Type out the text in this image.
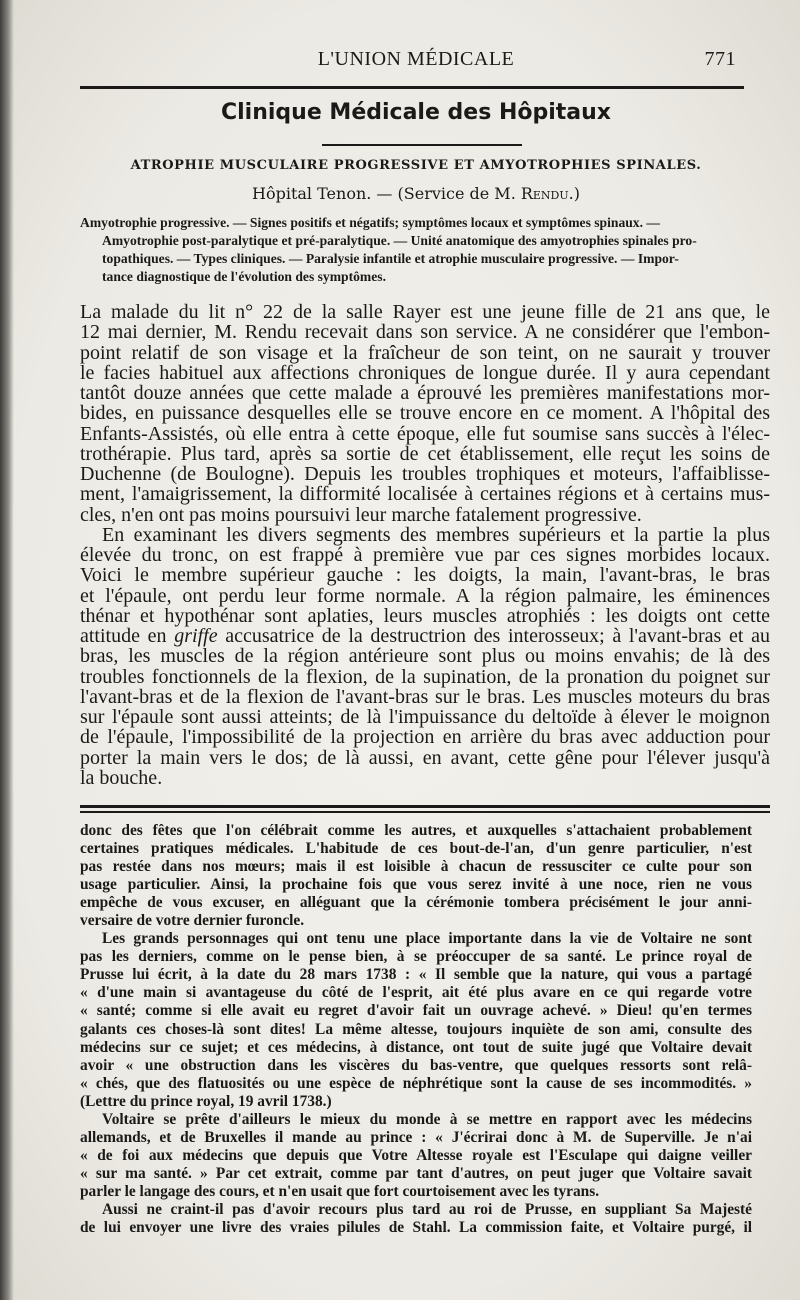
L'UNION MÉDICALE	771
Clinique Médicale des Hôpitaux
ATROPHIE MUSCULAIRE PROGRESSIVE ET AMYOTROPHIES SPINALES.
Hôpital Tenon. — (Service de M. Rendu.)
Amyotrophie progressive. — Signes positifs et négatifs; symptômes locaux et symptômes spinaux. —
Amyotrophie post-paralytique et pré-paralytique. — Unité anatomique des amyotrophies spinales pro-
topathiques. — Types cliniques. — Paralysie infantile et atrophie musculaire progressive. — Impor-
tance diagnostique de l'évolution des symptômes.
La malade du lit n° 22 de la salle Rayer est une jeune fille de 21 ans que, le
12 mai dernier, M. Rendu recevait dans son service. A ne considérer que l'embon-
point relatif de son visage et la fraîcheur de son teint, on ne saurait y trouver
le facies habituel aux affections chroniques de longue durée. Il y aura cependant
tantôt douze années que cette malade a éprouvé les premières manifestations mor-
bides, en puissance desquelles elle se trouve encore en ce moment. A l'hôpital des
Enfants-Assistés, où elle entra à cette époque, elle fut soumise sans succès à l'élec-
trothérapie. Plus tard, après sa sortie de cet établissement, elle reçut les soins de
Duchenne (de Boulogne). Depuis les troubles trophiques et moteurs, l'affaiblisse-
ment, l'amaigrissement, la difformité localisée à certaines régions et à certains mus-
cles, n'en ont pas moins poursuivi leur marche fatalement progressive.
En examinant les divers segments des membres supérieurs et la partie la plus
élevée du tronc, on est frappé à première vue par ces signes morbides locaux.
Voici le membre supérieur gauche : les doigts, la main, l'avant-bras, le bras
et l'épaule, ont perdu leur forme normale. A la région palmaire, les éminences
thénar et hypothénar sont aplaties, leurs muscles atrophiés : les doigts ont cette
attitude en griffe accusatrice de la destructrion des interosseux; à l'avant-bras et au
bras, les muscles de la région antérieure sont plus ou moins envahis; de là des
troubles fonctionnels de la flexion, de la supination, de la pronation du poignet sur
l'avant-bras et de la flexion de l'avant-bras sur le bras. Les muscles moteurs du bras
sur l'épaule sont aussi atteints; de là l'impuissance du deltoïde à élever le moignon
de l'épaule, l'impossibilité de la projection en arrière du bras avec adduction pour
porter la main vers le dos; de là aussi, en avant, cette gêne pour l'élever jusqu'à
la bouche.
donc des fêtes que l'on célébrait comme les autres, et auxquelles s'attachaient probablement
certaines pratiques médicales. L'habitude de ces bout-de-l'an, d'un genre particulier, n'est
pas restée dans nos mœurs; mais il est loisible à chacun de ressusciter ce culte pour son
usage particulier. Ainsi, la prochaine fois que vous serez invité à une noce, rien ne vous
empêche de vous excuser, en alléguant que la cérémonie tombera précisément le jour anni-
versaire de votre dernier furoncle.
Les grands personnages qui ont tenu une place importante dans la vie de Voltaire ne sont
pas les derniers, comme on le pense bien, à se préoccuper de sa santé. Le prince royal de
Prusse lui écrit, à la date du 28 mars 1738 : « Il semble que la nature, qui vous a partagé
« d'une main si avantageuse du côté de l'esprit, ait été plus avare en ce qui regarde votre
« santé; comme si elle avait eu regret d'avoir fait un ouvrage achevé. » Dieu! qu'en termes
galants ces choses-là sont dites! La même altesse, toujours inquiète de son ami, consulte des
médecins sur ce sujet; et ces médecins, à distance, ont tout de suite jugé que Voltaire devait
avoir « une obstruction dans les viscères du bas-ventre, que quelques ressorts sont relâ-
« chés, que des flatuosités ou une espèce de néphrétique sont la cause de ses incommodités. »
(Lettre du prince royal, 19 avril 1738.)
Voltaire se prête d'ailleurs le mieux du monde à se mettre en rapport avec les médecins
allemands, et de Bruxelles il mande au prince : « J'écrirai donc à M. de Superville. Je n'ai
« de foi aux médecins que depuis que Votre Altesse royale est l'Esculape qui daigne veiller
« sur ma santé. » Par cet extrait, comme par tant d'autres, on peut juger que Voltaire savait
parler le langage des cours, et n'en usait que fort courtoisement avec les tyrans.
Aussi ne craint-il pas d'avoir recours plus tard au roi de Prusse, en suppliant Sa Majesté
de lui envoyer une livre des vraies pilules de Stahl. La commission faite, et Voltaire purgé, il
